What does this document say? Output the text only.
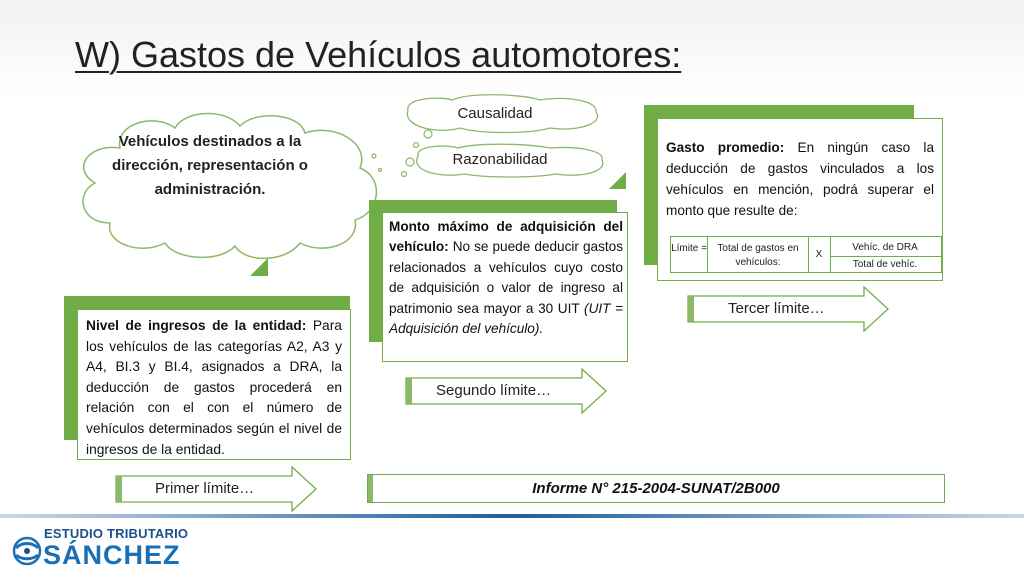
W) Gastos de Vehículos automotores:
Vehículos destinados a la dirección, representación o administración.
Causalidad
Razonabilidad
Nivel de ingresos de la entidad: Para los vehículos de las categorías A2, A3 y A4, BI.3 y BI.4, asignados a DRA, la deducción de gastos procederá en relación con el con el número de vehículos determinados según el nivel de ingresos de la entidad.
Monto máximo de adquisición del vehículo: No se puede deducir gastos relacionados a vehículos cuyo costo de adquisición o valor de ingreso al patrimonio sea mayor a 30 UIT (UIT = Adquisición del vehículo).
Gasto promedio: En ningún caso la deducción de gastos vinculados a los vehículos en mención, podrá superar el monto que resulte de:
Límite =	Total de gastos en vehículos:
X
Vehíc. de DRA
Total de vehíc.
Primer límite…
Segundo límite…
Tercer límite…
Informe N° 215-2004-SUNAT/2B000
ESTUDIO TRIBUTARIO
SÁNCHEZ
